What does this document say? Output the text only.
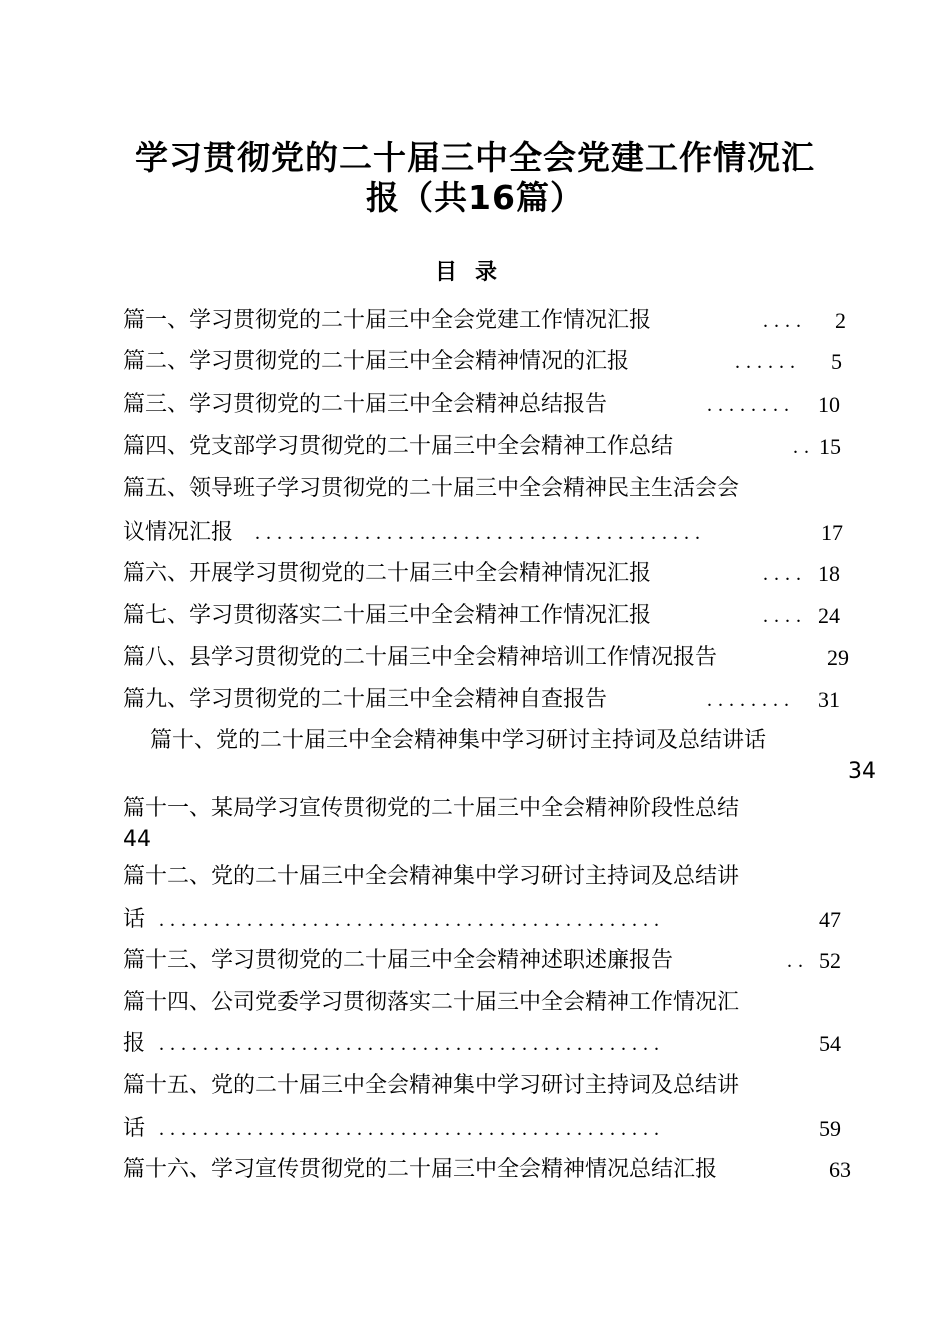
学习贯彻党的二十届三中全会党建工作情况汇
报（共16篇）
目录
篇一、学习贯彻党的二十届三中全会党建工作情况汇报	.... 2
篇二、学习贯彻党的二十届三中全会精神情况的汇报	...... 5
篇三、学习贯彻党的二十届三中全会精神总结报告	........ 10
篇四、党支部学习贯彻党的二十届三中全会精神工作总结	.. 15
篇五、领导班子学习贯彻党的二十届三中全会精神民主生活会会
议情况汇报 .........................................	17
篇六、开展学习贯彻党的二十届三中全会精神情况汇报	.... 18
篇七、学习贯彻落实二十届三中全会精神工作情况汇报	.... 24
篇八、县学习贯彻党的二十届三中全会精神培训工作情况报告	29
篇九、学习贯彻党的二十届三中全会精神自查报告	........ 31
篇十、党的二十届三中全会精神集中学习研讨主持词及总结讲话
34
篇十一、某局学习宣传贯彻党的二十届三中全会精神阶段性总结
44
篇十二、党的二十届三中全会精神集中学习研讨主持词及总结讲
话 ..............................................	47
篇十三、学习贯彻党的二十届三中全会精神述职述廉报告	.. 52
篇十四、公司党委学习贯彻落实二十届三中全会精神工作情况汇
报 ..............................................	54
篇十五、党的二十届三中全会精神集中学习研讨主持词及总结讲
话 ..............................................	59
篇十六、学习宣传贯彻党的二十届三中全会精神情况总结汇报	63
